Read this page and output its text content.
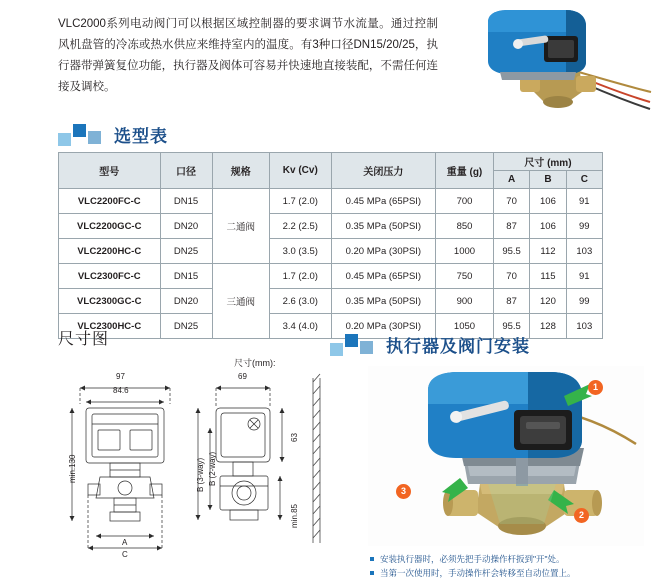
VLC2000系列电动阀门可以根据区域控制器的要求调节水流量。通过控制风机盘管的冷冻或热水供应来维持室内的温度。有3种口径DN15/20/25，执行器带弹簧复位功能，执行器及阀体可容易并快速地直接装配，不需任何连接及调校。
选型表
型号	口径	规格	Kv (Cv)	关闭压力	重量 (g)	尺寸 (mm)		
						A	B	C
VLC2200FC-C	DN15	二通阀	1.7 (2.0)	0.45 MPa (65PSI)	700	70	106	91
VLC2200GC-C	DN20		2.2 (2.5)	0.35 MPa (50PSI)	850	87	106	99
VLC2200HC-C	DN25		3.0 (3.5)	0.20 MPa (30PSI)	1000	95.5	112	103
VLC2300FC-C	DN15	三通阀	1.7 (2.0)	0.45 MPa (65PSI)	750	70	115	91
VLC2300GC-C	DN20		2.6 (3.0)	0.35 MPa (50PSI)	900	87	120	99
VLC2300HC-C	DN25		3.4 (4.0)	0.20 MPa (30PSI)	1050	95.5	128	103
尺寸图	执行器及阀门安装
97
84.6
min.130
A
C
69
63
B (3-way) B (2-way)
min.85
尺寸(mm):
1
2
3
安装执行器时，必须先把手动操作杆扳到"开"处。
当第一次使用时，手动操作杆会转移至自动位置上。
